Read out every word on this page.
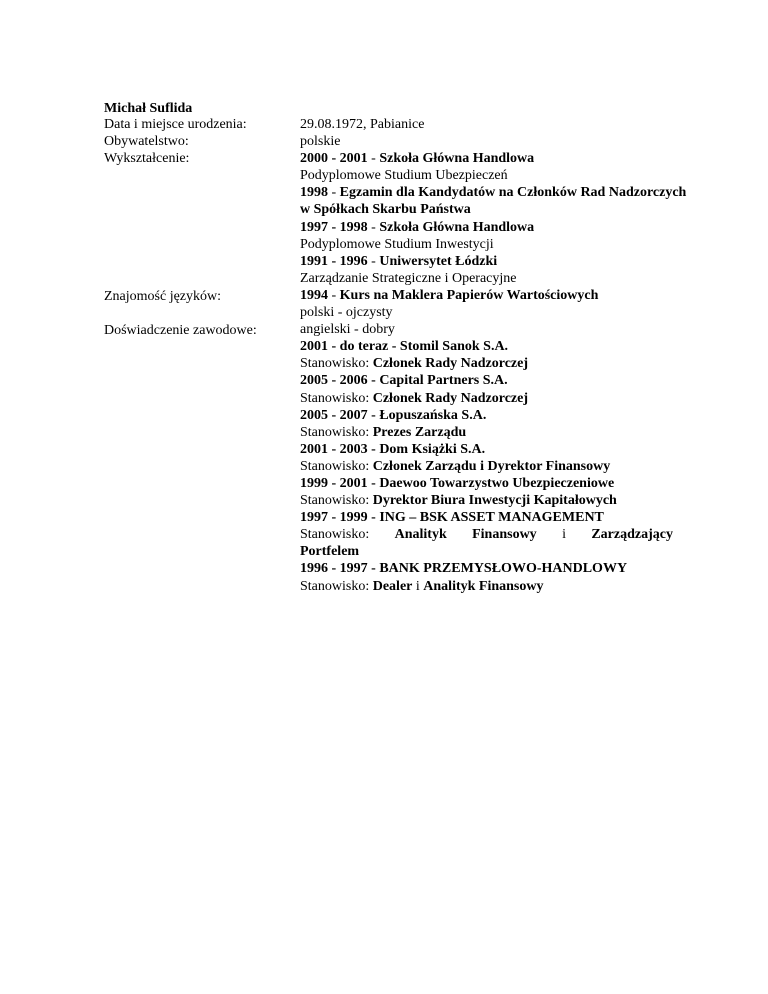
Michał Suflida
Data i miejsce urodzenia:
Obywatelstwo:
Wykształcenie:
Znajomość języków:
Doświadczenie zawodowe:
29.08.1972, Pabianice
polskie
2000 - 2001 - Szkoła Główna Handlowa
Podyplomowe Studium Ubezpieczeń
1998 - Egzamin dla Kandydatów na Członków Rad Nadzorczych
w Spółkach Skarbu Państwa
1997 - 1998 - Szkoła Główna Handlowa
Podyplomowe Studium Inwestycji
1991 - 1996 - Uniwersytet Łódzki
Zarządzanie Strategiczne i Operacyjne
1994 - Kurs na Maklera Papierów Wartościowych
polski - ojczysty
angielski - dobry
2001 - do teraz - Stomil Sanok S.A.
Stanowisko: Członek Rady Nadzorczej
2005 - 2006 - Capital Partners S.A.
Stanowisko: Członek Rady Nadzorczej
2005 - 2007 - Łopuszańska S.A.
Stanowisko: Prezes Zarządu
2001 - 2003 - Dom Książki S.A.
Stanowisko: Członek Zarządu i Dyrektor Finansowy
1999 - 2001 - Daewoo Towarzystwo Ubezpieczeniowe
Stanowisko: Dyrektor Biura Inwestycji Kapitałowych
1997 - 1999 - ING – BSK ASSET MANAGEMENT
Stanowisko: Analityk Finansowy i Zarządzający
Portfelem
1996 - 1997 - BANK PRZEMYSŁOWO-HANDLOWY
Stanowisko: Dealer i Analityk Finansowy
